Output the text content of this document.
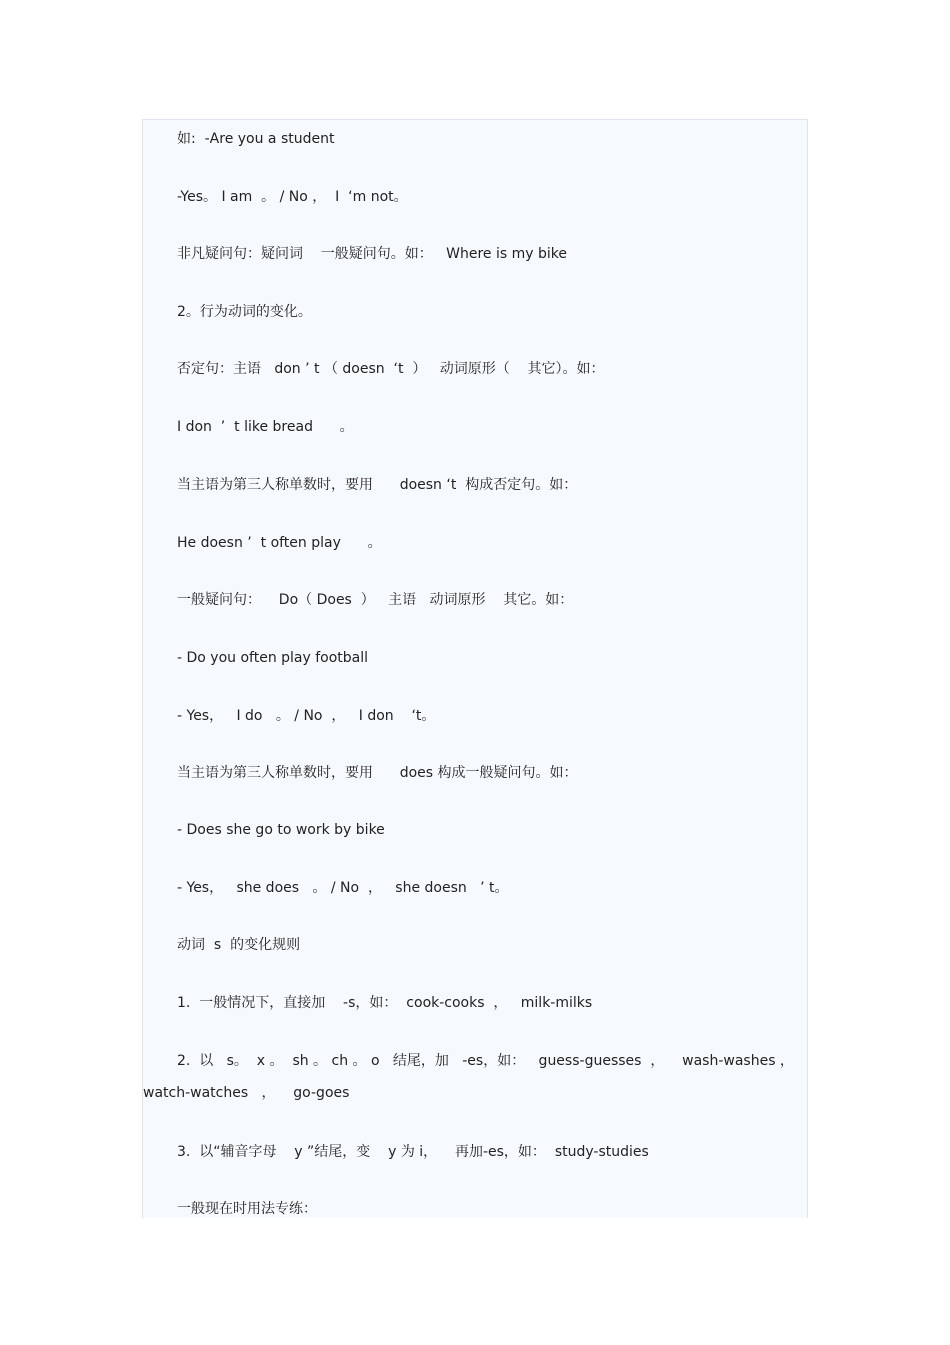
如:  -Are you a student
-Yes。 I am  。 / No ，  I  ‘m not。
非凡疑问句：疑问词    一般疑问句。如：   Where is my bike
2。行为动词的变化。
否定句：主语   don ’ t （ doesn  ‘t  ）   动词原形（    其它）。如：
I don  ’  t like bread      。
当主语为第三人称单数时，要用      doesn ‘t  构成否定句。如：
He doesn ’  t often play      。
一般疑问句：    Do（ Does  ）   主语   动词原形    其它。如：
- Do you often play football
- Yes，   I do   。 / No  ，   I don    ‘t。
当主语为第三人称单数时，要用      does 构成一般疑问句。如：
- Does she go to work by bike
- Yes，   she does   。 / No  ，   she doesn   ’ t。
动词  s  的变化规则
1.  一般情况下，直接加    -s，如：  cook-cooks  ，   milk-milks
2.  以   s。  x 。  sh 。 ch 。 o   结尾，加   -es，如：   guess-guesses  ，    wash-washes ，
watch-watches   ，    go-goes
3.  以“辅音字母    y ”结尾，变    y 为 i，    再加-es，如：  study-studies
一般现在时用法专练：
